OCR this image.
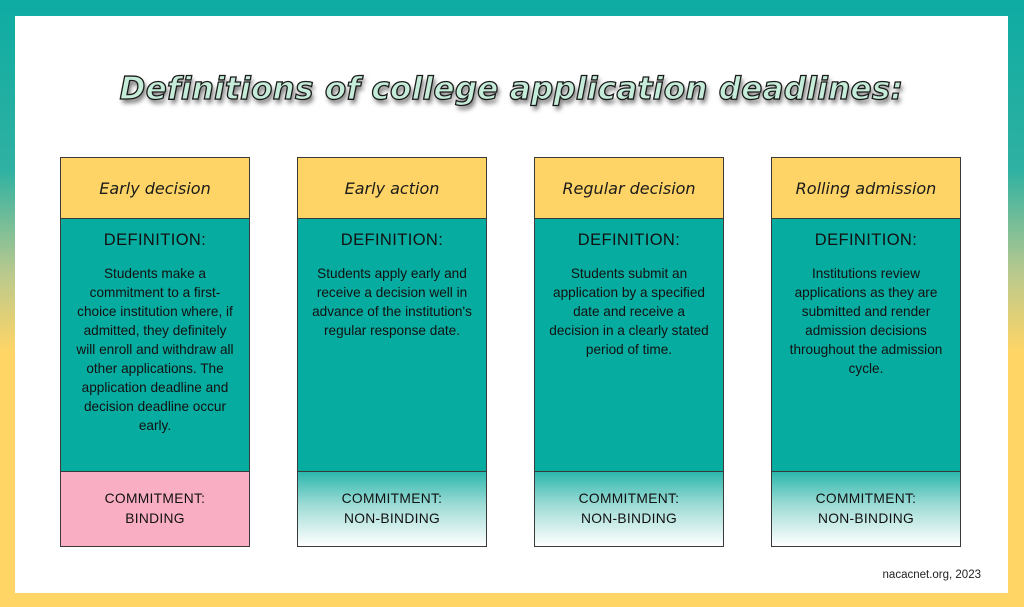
Definitions of college application deadlines:
Early decision
DEFINITION:
Students make a commitment to a first-choice institution where, if admitted, they definitely will enroll and withdraw all other applications. The application deadline and decision deadline occur early.
COMMITMENT:
BINDING
Early action
DEFINITION:
Students apply early and receive a decision well in advance of the institution's regular response date.
COMMITMENT:
NON-BINDING
Regular decision
DEFINITION:
Students submit an application by a specified date and receive a decision in a clearly stated period of time.
COMMITMENT:
NON-BINDING
Rolling admission
DEFINITION:
Institutions review applications as they are submitted and render admission decisions throughout the admission cycle.
COMMITMENT:
NON-BINDING
nacacnet.org, 2023
